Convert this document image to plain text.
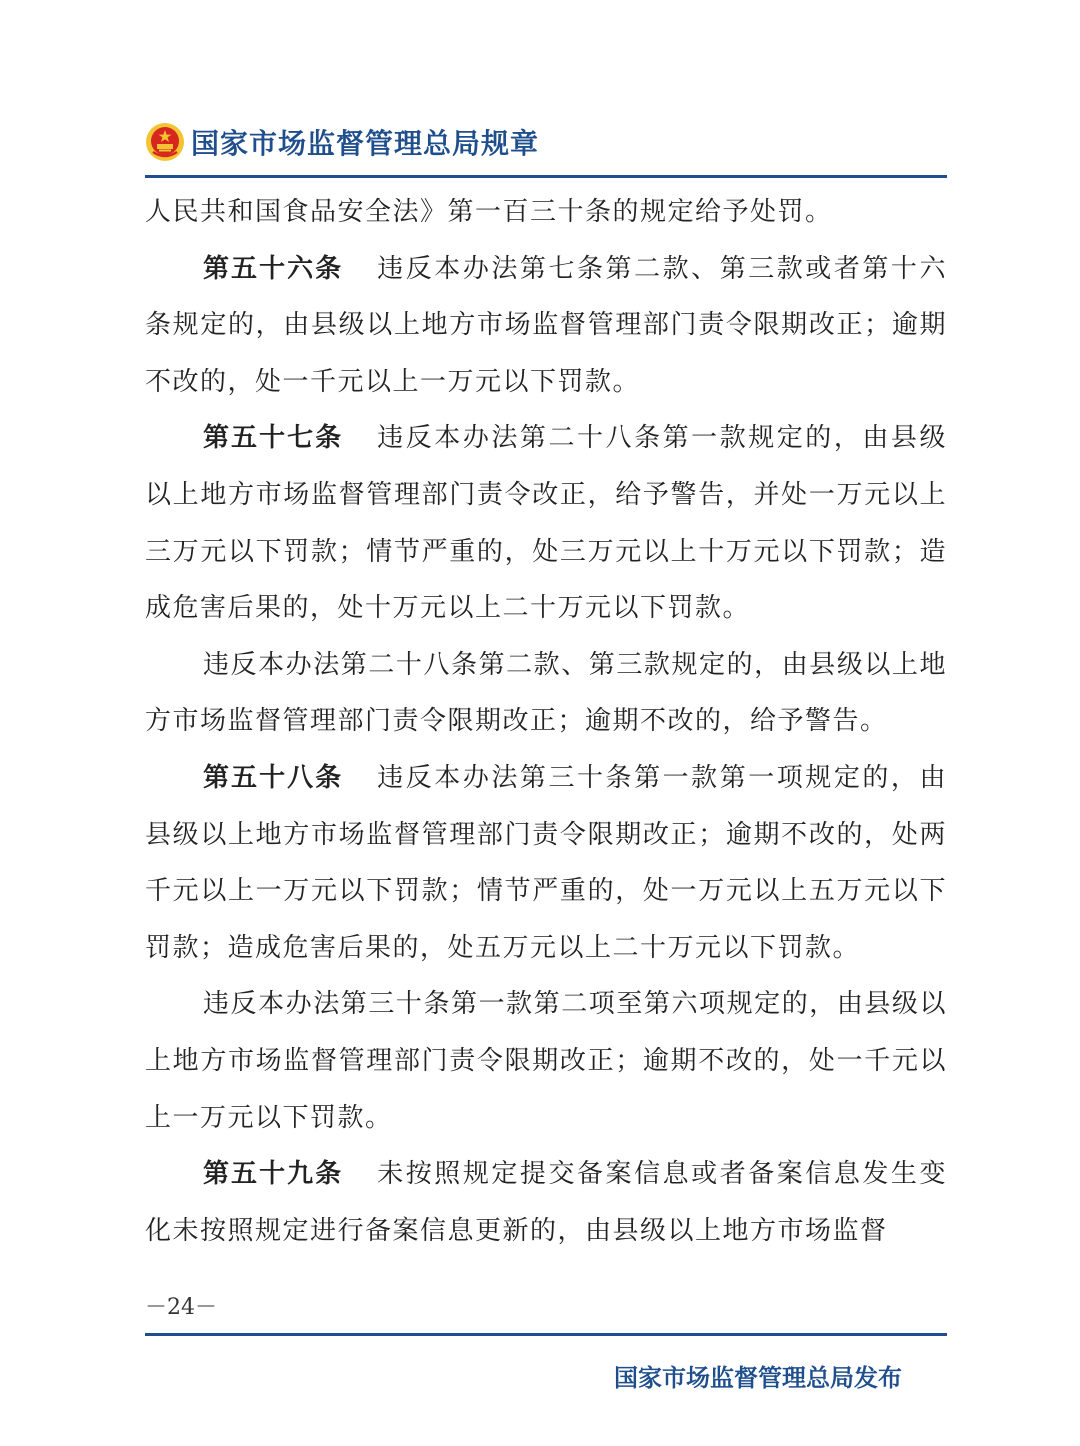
国家市场监督管理总局规章

人民共和国食品安全法》第一百三十条的规定给予处罚。

第五十六条 违反本办法第七条第二款、第三款或者第十六条规定的，由县级以上地方市场监督管理部门责令限期改正；逾期不改的，处一千元以上一万元以下罚款。

第五十七条 违反本办法第二十八条第一款规定的，由县级以上地方市场监督管理部门责令改正，给予警告，并处一万元以上三万元以下罚款；情节严重的，处三万元以上十万元以下罚款；造成危害后果的，处十万元以上二十万元以下罚款。

违反本办法第二十八条第二款、第三款规定的，由县级以上地方市场监督管理部门责令限期改正；逾期不改的，给予警告。

第五十八条 违反本办法第三十条第一款第一项规定的，由县级以上地方市场监督管理部门责令限期改正；逾期不改的，处两千元以上一万元以下罚款；情节严重的，处一万元以上五万元以下罚款；造成危害后果的，处五万元以上二十万元以下罚款。

违反本办法第三十条第一款第二项至第六项规定的，由县级以上地方市场监督管理部门责令限期改正；逾期不改的，处一千元以上一万元以下罚款。

第五十九条 未按照规定提交备案信息或者备案信息发生变化未按照规定进行备案信息更新的，由县级以上地方市场监督

－24－
国家市场监督管理总局发布
